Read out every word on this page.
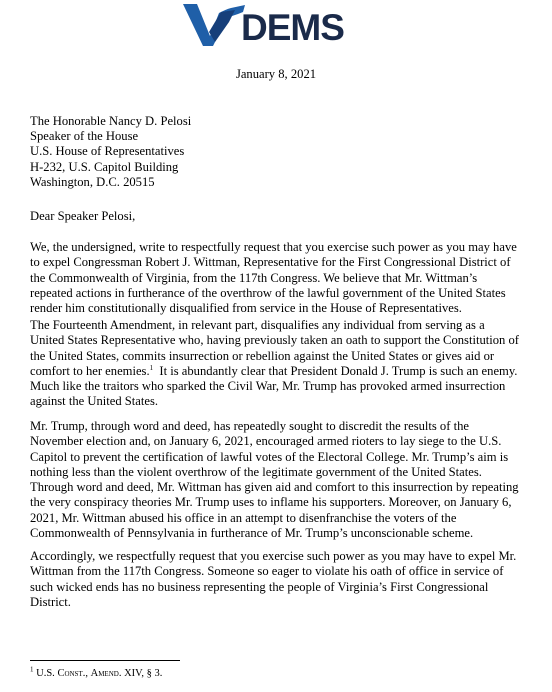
DEMS
January 8, 2021
The Honorable Nancy D. Pelosi
Speaker of the House
U.S. House of Representatives
H-232, U.S. Capitol Building
Washington, D.C. 20515
Dear Speaker Pelosi,
We, the undersigned, write to respectfully request that you exercise such power as you may have
to expel Congressman Robert J. Wittman, Representative for the First Congressional District of
the Commonwealth of Virginia, from the 117th Congress. We believe that Mr. Wittman’s
repeated actions in furtherance of the overthrow of the lawful government of the United States
render him constitutionally disqualified from service in the House of Representatives.
The Fourteenth Amendment, in relevant part, disqualifies any individual from serving as a
United States Representative who, having previously taken an oath to support the Constitution of
the United States, commits insurrection or rebellion against the United States or gives aid or
comfort to her enemies.$^1$  It is abundantly clear that President Donald J. Trump is such an enemy.
Much like the traitors who sparked the Civil War, Mr. Trump has provoked armed insurrection
against the United States.
Mr. Trump, through word and deed, has repeatedly sought to discredit the results of the
November election and, on January 6, 2021, encouraged armed rioters to lay siege to the U.S.
Capitol to prevent the certification of lawful votes of the Electoral College. Mr. Trump’s aim is
nothing less than the violent overthrow of the legitimate government of the United States.
Through word and deed, Mr. Wittman has given aid and comfort to this insurrection by repeating
the very conspiracy theories Mr. Trump uses to inflame his supporters. Moreover, on January 6,
2021, Mr. Wittman abused his office in an attempt to disenfranchise the voters of the
Commonwealth of Pennsylvania in furtherance of Mr. Trump’s unconscionable scheme.
Accordingly, we respectfully request that you exercise such power as you may have to expel Mr.
Wittman from the 117th Congress. Someone so eager to violate his oath of office in service of
such wicked ends has no business representing the people of Virginia’s First Congressional
District.
$^1$ U.S. Const., Amend. XIV, § 3.
